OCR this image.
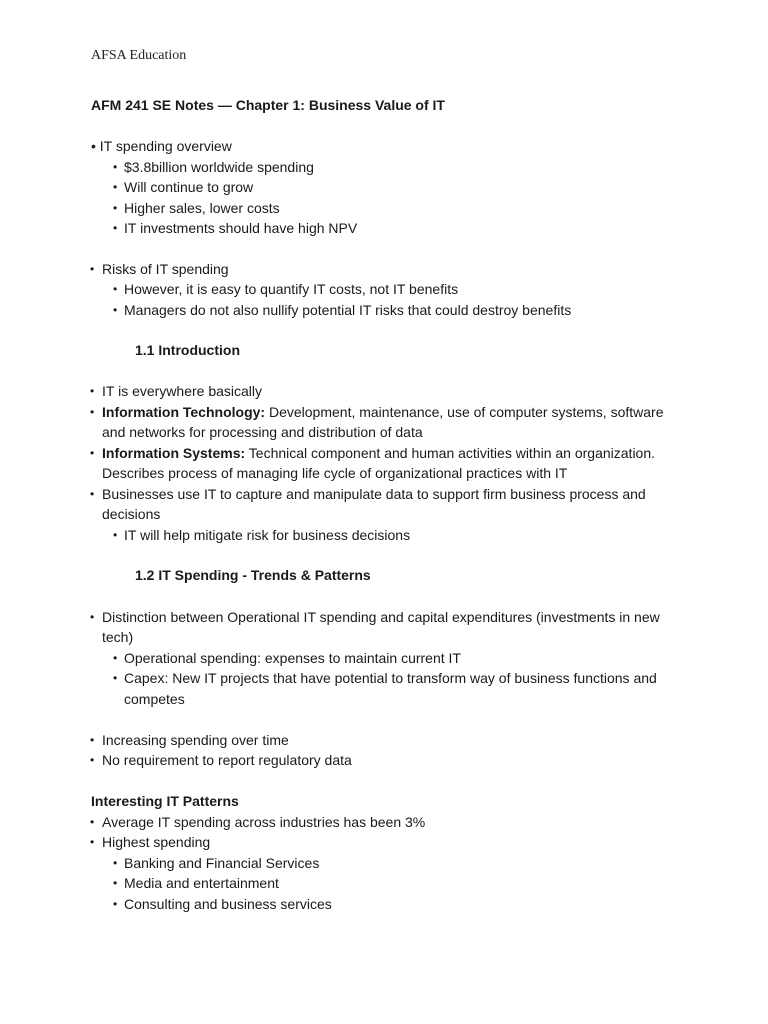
AFSA Education
AFM 241 SE Notes — Chapter 1: Business Value of IT
• IT spending overview
• $3.8billion worldwide spending
• Will continue to grow
• Higher sales, lower costs
• IT investments should have high NPV
• Risks of IT spending
• However, it is easy to quantify IT costs, not IT benefits
• Managers do not also nullify potential IT risks that could destroy benefits
1.1 Introduction
• IT is everywhere basically
• Information Technology: Development, maintenance, use of computer systems, software
and networks for processing and distribution of data
• Information Systems: Technical component and human activities within an organization.
Describes process of managing life cycle of organizational practices with IT
• Businesses use IT to capture and manipulate data to support firm business process and
decisions
• IT will help mitigate risk for business decisions
1.2 IT Spending - Trends & Patterns
• Distinction between Operational IT spending and capital expenditures (investments in new
tech)
• Operational spending: expenses to maintain current IT
• Capex: New IT projects that have potential to transform way of business functions and
competes
• Increasing spending over time
• No requirement to report regulatory data
Interesting IT Patterns
• Average IT spending across industries has been 3%
• Highest spending
• Banking and Financial Services
• Media and entertainment
• Consulting and business services
